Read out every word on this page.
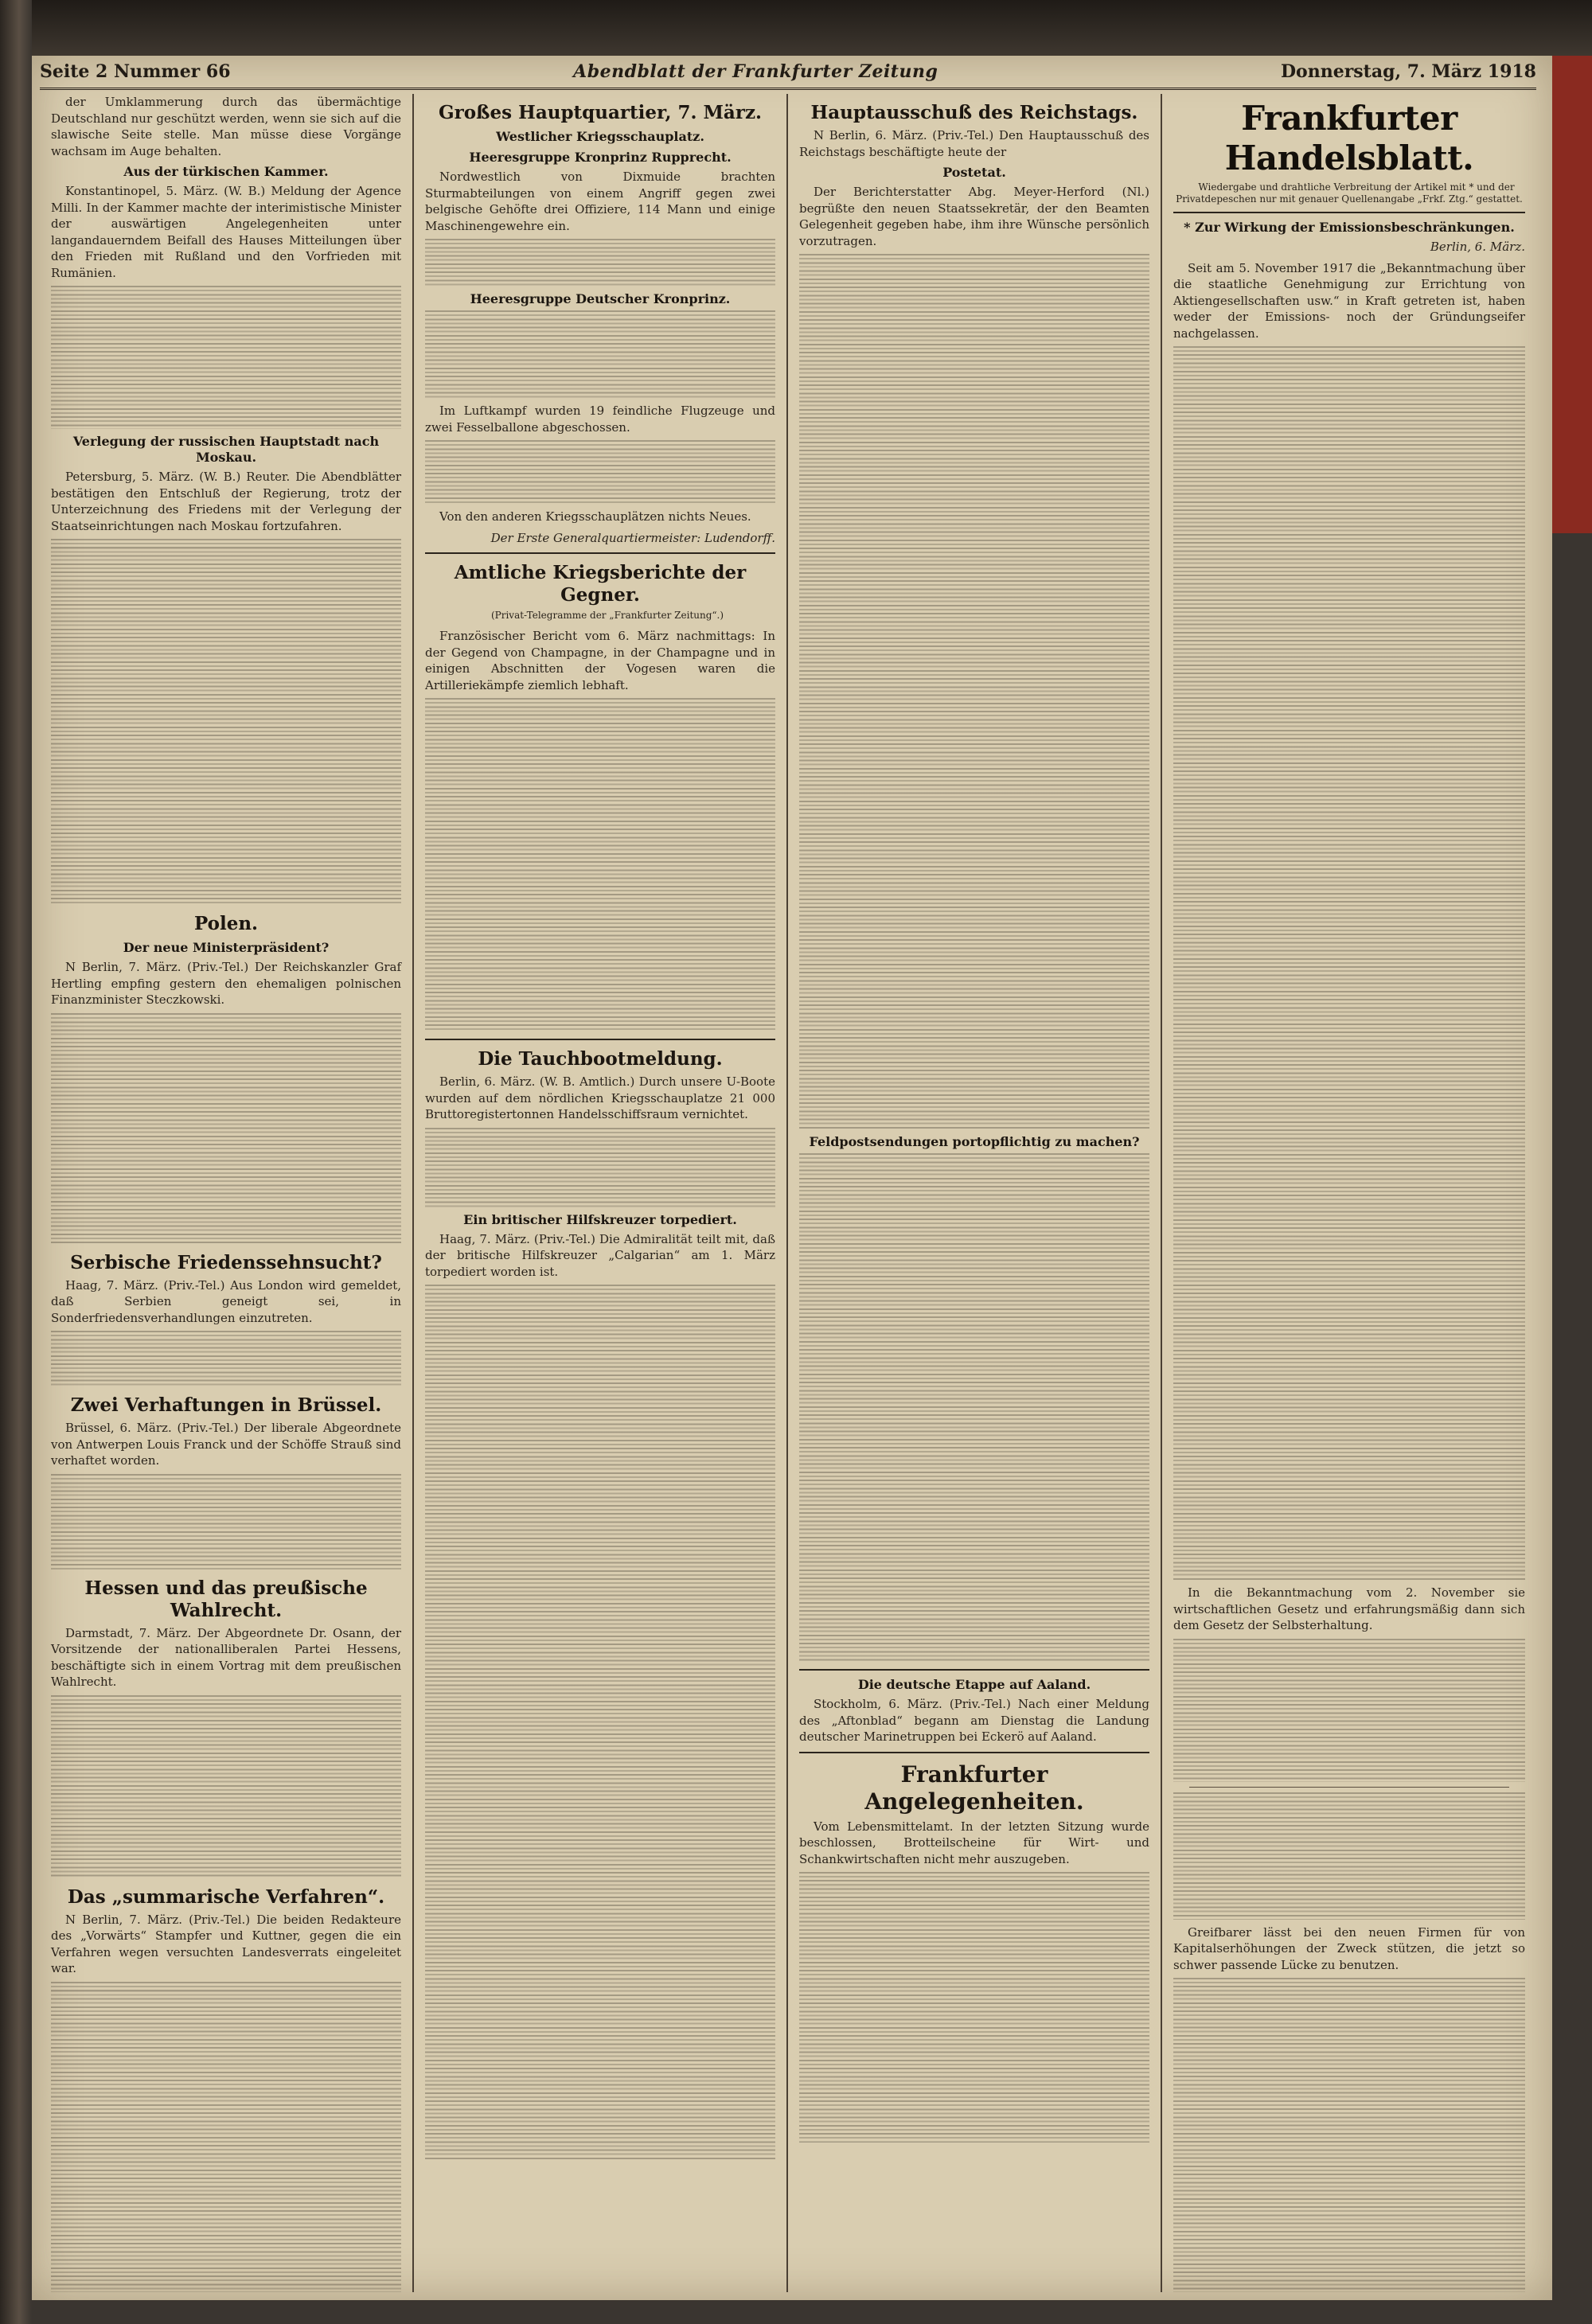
Seite 2 Nummer 66	Abendblatt der Frankfurter Zeitung	Donnerstag, 7. März 1918

der Umklammerung durch das übermächtige Deutschland nur geschützt werden, wenn sie sich auf die slawische Seite stelle. Man müsse diese Vorgänge wachsam im Auge behalten.

Aus der türkischen Kammer.

Konstantinopel, 5. März. (W. B.) Meldung der Agence Milli. In der Kammer machte der interimistische Minister der auswärtigen Angelegenheiten unter langandauerndem Beifall des Hauses Mitteilungen über den Frieden mit Rußland und den Vorfrieden mit Rumänien.

Verlegung der russischen Hauptstadt nach Moskau.

Petersburg, 5. März. (W. B.) Reuter. Die Abendblätter bestätigen den Entschluß der Regierung, trotz der Unterzeichnung des Friedens mit der Verlegung der Staatseinrichtungen nach Moskau fortzufahren.

Polen.
Der neue Ministerpräsident?

N Berlin, 7. März. (Priv.-Tel.) Der Reichskanzler Graf Hertling empfing gestern den ehemaligen polnischen Finanzminister Steczkowski.

Serbische Friedenssehnsucht?

Haag, 7. März. (Priv.-Tel.) Aus London wird gemeldet, daß Serbien geneigt sei, in Sonderfriedensverhandlungen einzutreten.

Zwei Verhaftungen in Brüssel.

Brüssel, 6. März. (Priv.-Tel.) Der liberale Abgeordnete von Antwerpen Louis Franck und der Schöffe Strauß sind verhaftet worden.

Hessen und das preußische Wahlrecht.

Darmstadt, 7. März. Der Abgeordnete Dr. Osann, der Vorsitzende der nationalliberalen Partei Hessens, beschäftigte sich in einem Vortrag mit dem preußischen Wahlrecht.

Das „summarische Verfahren“.

N Berlin, 7. März. (Priv.-Tel.) Die beiden Redakteure des „Vorwärts“ Stampfer und Kuttner, gegen die ein Verfahren wegen versuchten Landesverrats eingeleitet war.

Großes Hauptquartier, 7. März.
Westlicher Kriegsschauplatz.
Heeresgruppe Kronprinz Rupprecht.

Nordwestlich von Dixmuide brachten Sturmabteilungen von einem Angriff gegen zwei belgische Gehöfte drei Offiziere, 114 Mann und einige Maschinengewehre ein.

Heeresgruppe Deutscher Kronprinz.

Im Luftkampf wurden 19 feindliche Flugzeuge und zwei Fesselballone abgeschossen.

Von den anderen Kriegsschauplätzen nichts Neues.

Der Erste Generalquartiermeister: Ludendorff.

Amtliche Kriegsberichte der Gegner.

(Privat-Telegramme der „Frankfurter Zeitung“.)

Französischer Bericht vom 6. März nachmittags: In der Gegend von Champagne, in der Champagne und in einigen Abschnitten der Vogesen waren die Artilleriekämpfe ziemlich lebhaft.

Die Tauchbootmeldung.

Berlin, 6. März. (W. B. Amtlich.) Durch unsere U-Boote wurden auf dem nördlichen Kriegsschauplatze 21 000 Bruttoregistertonnen Handelsschiffsraum vernichtet.

Ein britischer Hilfskreuzer torpediert.

Haag, 7. März. (Priv.-Tel.) Die Admiralität teilt mit, daß der britische Hilfskreuzer „Calgarian“ am 1. März torpediert worden ist.

Hauptausschuß des Reichstags.

N Berlin, 6. März. (Priv.-Tel.) Den Hauptausschuß des Reichstags beschäftigte heute der

Postetat.

Der Berichterstatter Abg. Meyer-Herford (Nl.) begrüßte den neuen Staatssekretär, der den Beamten Gelegenheit gegeben habe, ihm ihre Wünsche persönlich vorzutragen.

Feldpostsendungen portopflichtig zu machen?
Die deutsche Etappe auf Aaland.

Stockholm, 6. März. (Priv.-Tel.) Nach einer Meldung des „Aftonblad“ begann am Dienstag die Landung deutscher Marinetruppen bei Eckerö auf Aaland.

Frankfurter Angelegenheiten.

Vom Lebensmittelamt. In der letzten Sitzung wurde beschlossen, Brotteilscheine für Wirt- und Schankwirtschaften nicht mehr auszugeben.

Frankfurter Handelsblatt.

Wiedergabe und drahtliche Verbreitung der Artikel mit * und der Privatdepeschen nur mit genauer Quellenangabe „Frkf. Ztg.“ gestattet.

* Zur Wirkung der Emissionsbeschränkungen.

Berlin, 6. März.

Seit am 5. November 1917 die „Bekanntmachung über die staatliche Genehmigung zur Errichtung von Aktiengesellschaften usw.“ in Kraft getreten ist, haben weder der Emissions- noch der Gründungseifer nachgelassen.

In die Bekanntmachung vom 2. November sie wirtschaftlichen Gesetz und erfahrungsmäßig dann sich dem Gesetz der Selbsterhaltung.

Greifbarer lässt bei den neuen Firmen für von Kapitalserhöhungen der Zweck stützen, die jetzt so schwer passende Lücke zu benutzen.
